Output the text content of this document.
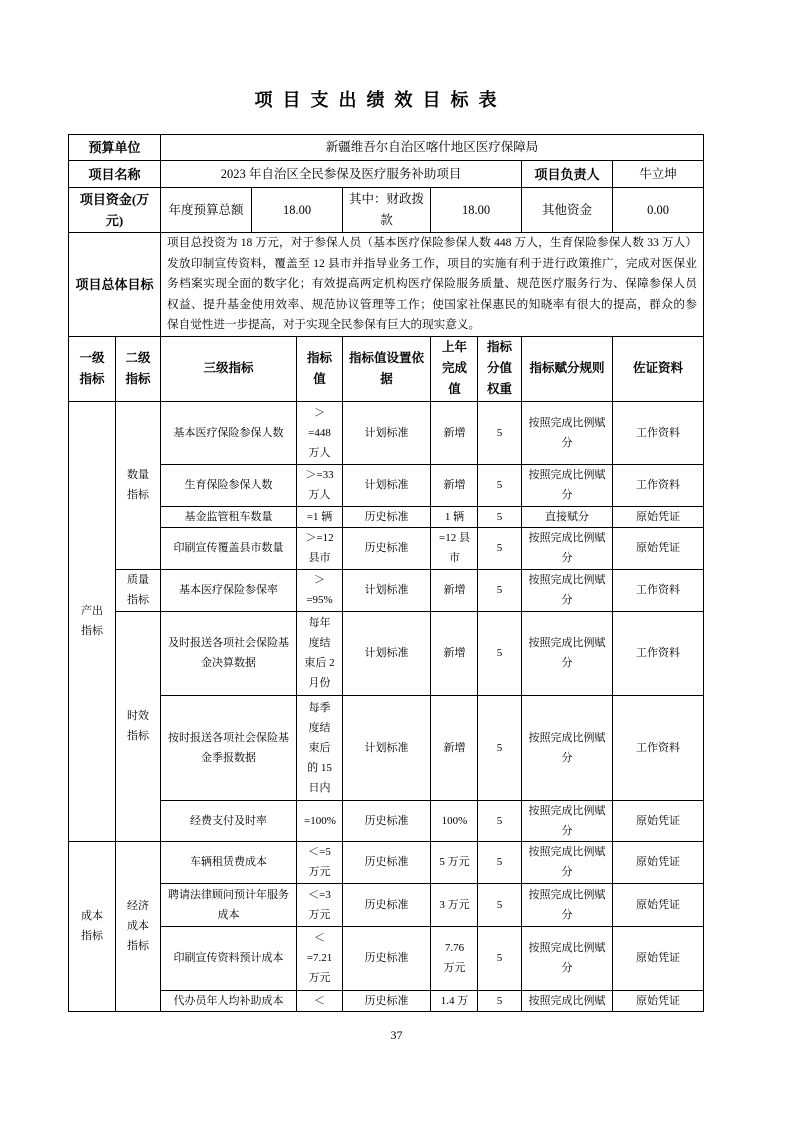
项目支出绩效目标表
预算单位		新疆维吾尔自治区喀什地区医疗保障局							
项目名称		2023 年自治区全民参保及医疗服务补助项目						项目负责人	牛立坤
项目资金(万元)		年度预算总额	18.00		其中：财政拨款	18.00		其他资金	0.00
项目总体目标		项目总投资为 18 万元，对于参保人员（基本医疗保险参保人数 448 万人，生育保险参保人数 33 万人）
发放印制宣传资料，覆盖至 12 县市并指导业务工作，项目的实施有利于进行政策推广，完成对医保业
务档案实现全面的数字化；有效提高两定机构医疗保险服务质量、规范医疗服务行为、保障参保人员
权益、提升基金使用效率、规范协议管理等工作；使国家社保惠民的知晓率有很大的提高，群众的参
保自觉性进一步提高，对于实现全民参保有巨大的现实意义。							

一级指标	二级指标	三级指标		指标值	指标值设置依据	上年完成值	指标分值权重	指标赋分规则	佐证资料
产出指标	数量指标	基本医疗保险参保人数		＞=448万人	计划标准	新增	5	按照完成比例赋分	工作资料
		生育保险参保人数		＞=33万人	计划标准	新增	5	按照完成比例赋分	工作资料
		基金监管租车数量		=1 辆	历史标准	1 辆	5	直接赋分	原始凭证
		印刷宣传覆盖县市数量		＞=12县市	历史标准	=12 县市	5	按照完成比例赋分	原始凭证
	质量指标	基本医疗保险参保率		＞=95%	计划标准	新增	5	按照完成比例赋分	工作资料
	时效指标	及时报送各项社会保险基金决算数据		每年度结束后 2 月份	计划标准	新增	5	按照完成比例赋分	工作资料
		按时报送各项社会保险基金季报数据		每季度结束后的 15 日内	计划标准	新增	5	按照完成比例赋分	工作资料
		经费支付及时率		=100%	历史标准	100%	5	按照完成比例赋分	原始凭证
成本指标	经济成本指标	车辆租赁费成本		＜=5万元	历史标准	5 万元	5	按照完成比例赋分	原始凭证
		聘请法律顾问预计年服务成本		＜=3万元	历史标准	3 万元	5	按照完成比例赋分	原始凭证
		印刷宣传资料预计成本		＜=7.21万元	历史标准	7.76 万元	5	按照完成比例赋分	原始凭证
		代办员年人均补助成本		＜	历史标准	1.4 万	5	按照完成比例赋	原始凭证
37
